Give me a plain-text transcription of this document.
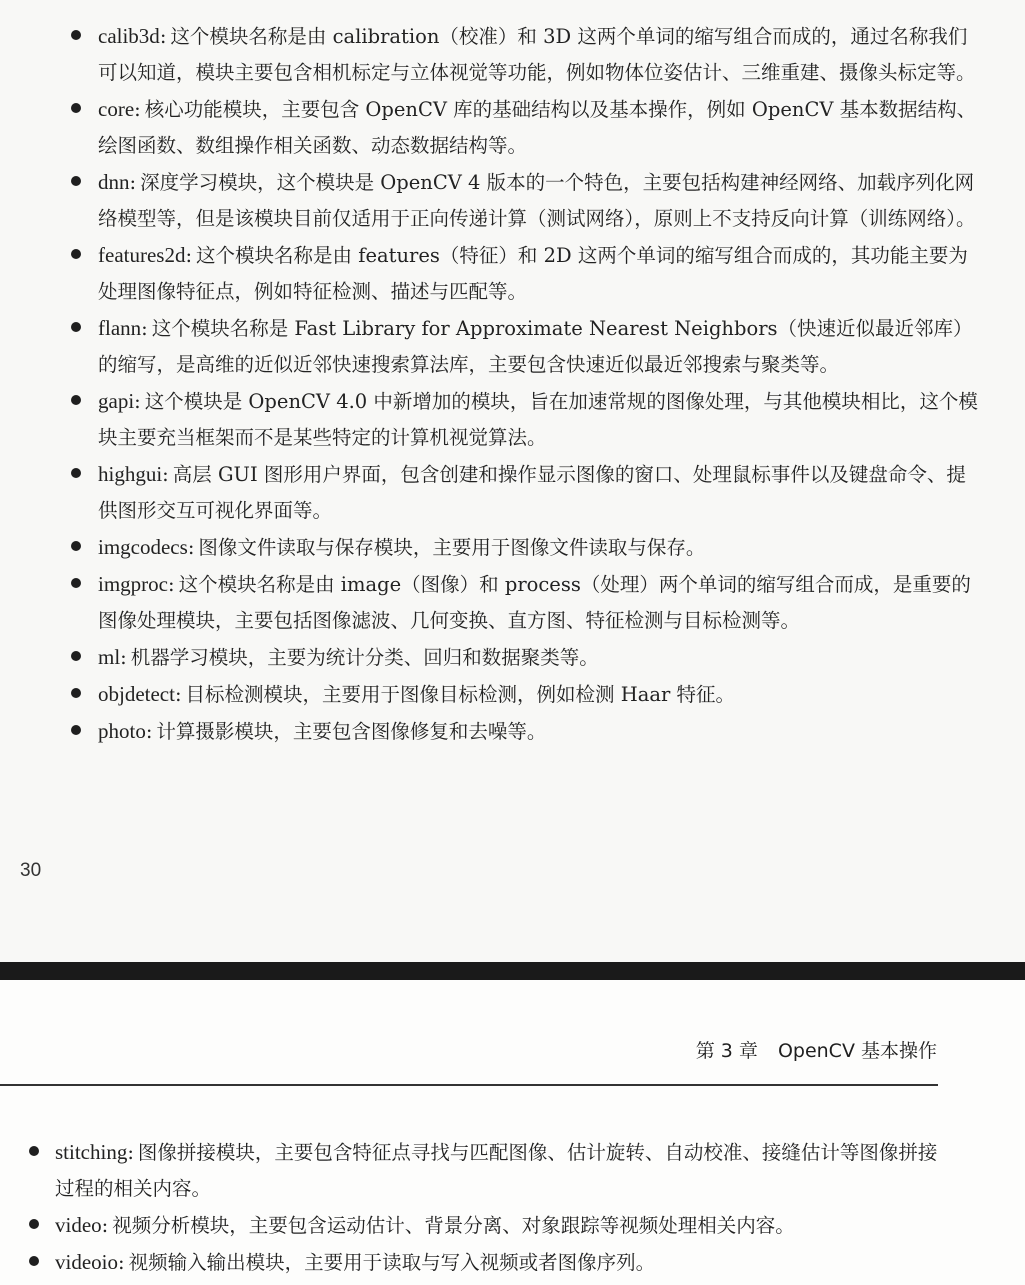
calib3d: 这个模块名称是由 calibration（校准）和 3D 这两个单词的缩写组合而成的，通过名称我们可以知道，模块主要包含相机标定与立体视觉等功能，例如物体位姿估计、三维重建、摄像头标定等。
core: 核心功能模块，主要包含 OpenCV 库的基础结构以及基本操作，例如 OpenCV 基本数据结构、绘图函数、数组操作相关函数、动态数据结构等。
dnn: 深度学习模块，这个模块是 OpenCV 4 版本的一个特色，主要包括构建神经网络、加载序列化网络模型等，但是该模块目前仅适用于正向传递计算（测试网络），原则上不支持反向计算（训练网络）。
features2d: 这个模块名称是由 features（特征）和 2D 这两个单词的缩写组合而成的，其功能主要为处理图像特征点，例如特征检测、描述与匹配等。
flann: 这个模块名称是 Fast Library for Approximate Nearest Neighbors（快速近似最近邻库）的缩写，是高维的近似近邻快速搜索算法库，主要包含快速近似最近邻搜索与聚类等。
gapi: 这个模块是 OpenCV 4.0 中新增加的模块，旨在加速常规的图像处理，与其他模块相比，这个模块主要充当框架而不是某些特定的计算机视觉算法。
highgui: 高层 GUI 图形用户界面，包含创建和操作显示图像的窗口、处理鼠标事件以及键盘命令、提供图形交互可视化界面等。
imgcodecs: 图像文件读取与保存模块，主要用于图像文件读取与保存。
imgproc: 这个模块名称是由 image（图像）和 process（处理）两个单词的缩写组合而成，是重要的图像处理模块，主要包括图像滤波、几何变换、直方图、特征检测与目标检测等。
ml: 机器学习模块，主要为统计分类、回归和数据聚类等。
objdetect: 目标检测模块，主要用于图像目标检测，例如检测 Haar 特征。
photo: 计算摄影模块，主要包含图像修复和去噪等。
30
第 3 章 OpenCV 基本操作
stitching: 图像拼接模块，主要包含特征点寻找与匹配图像、估计旋转、自动校准、接缝估计等图像拼接过程的相关内容。
video: 视频分析模块，主要包含运动估计、背景分离、对象跟踪等视频处理相关内容。
videoio: 视频输入输出模块，主要用于读取与写入视频或者图像序列。
